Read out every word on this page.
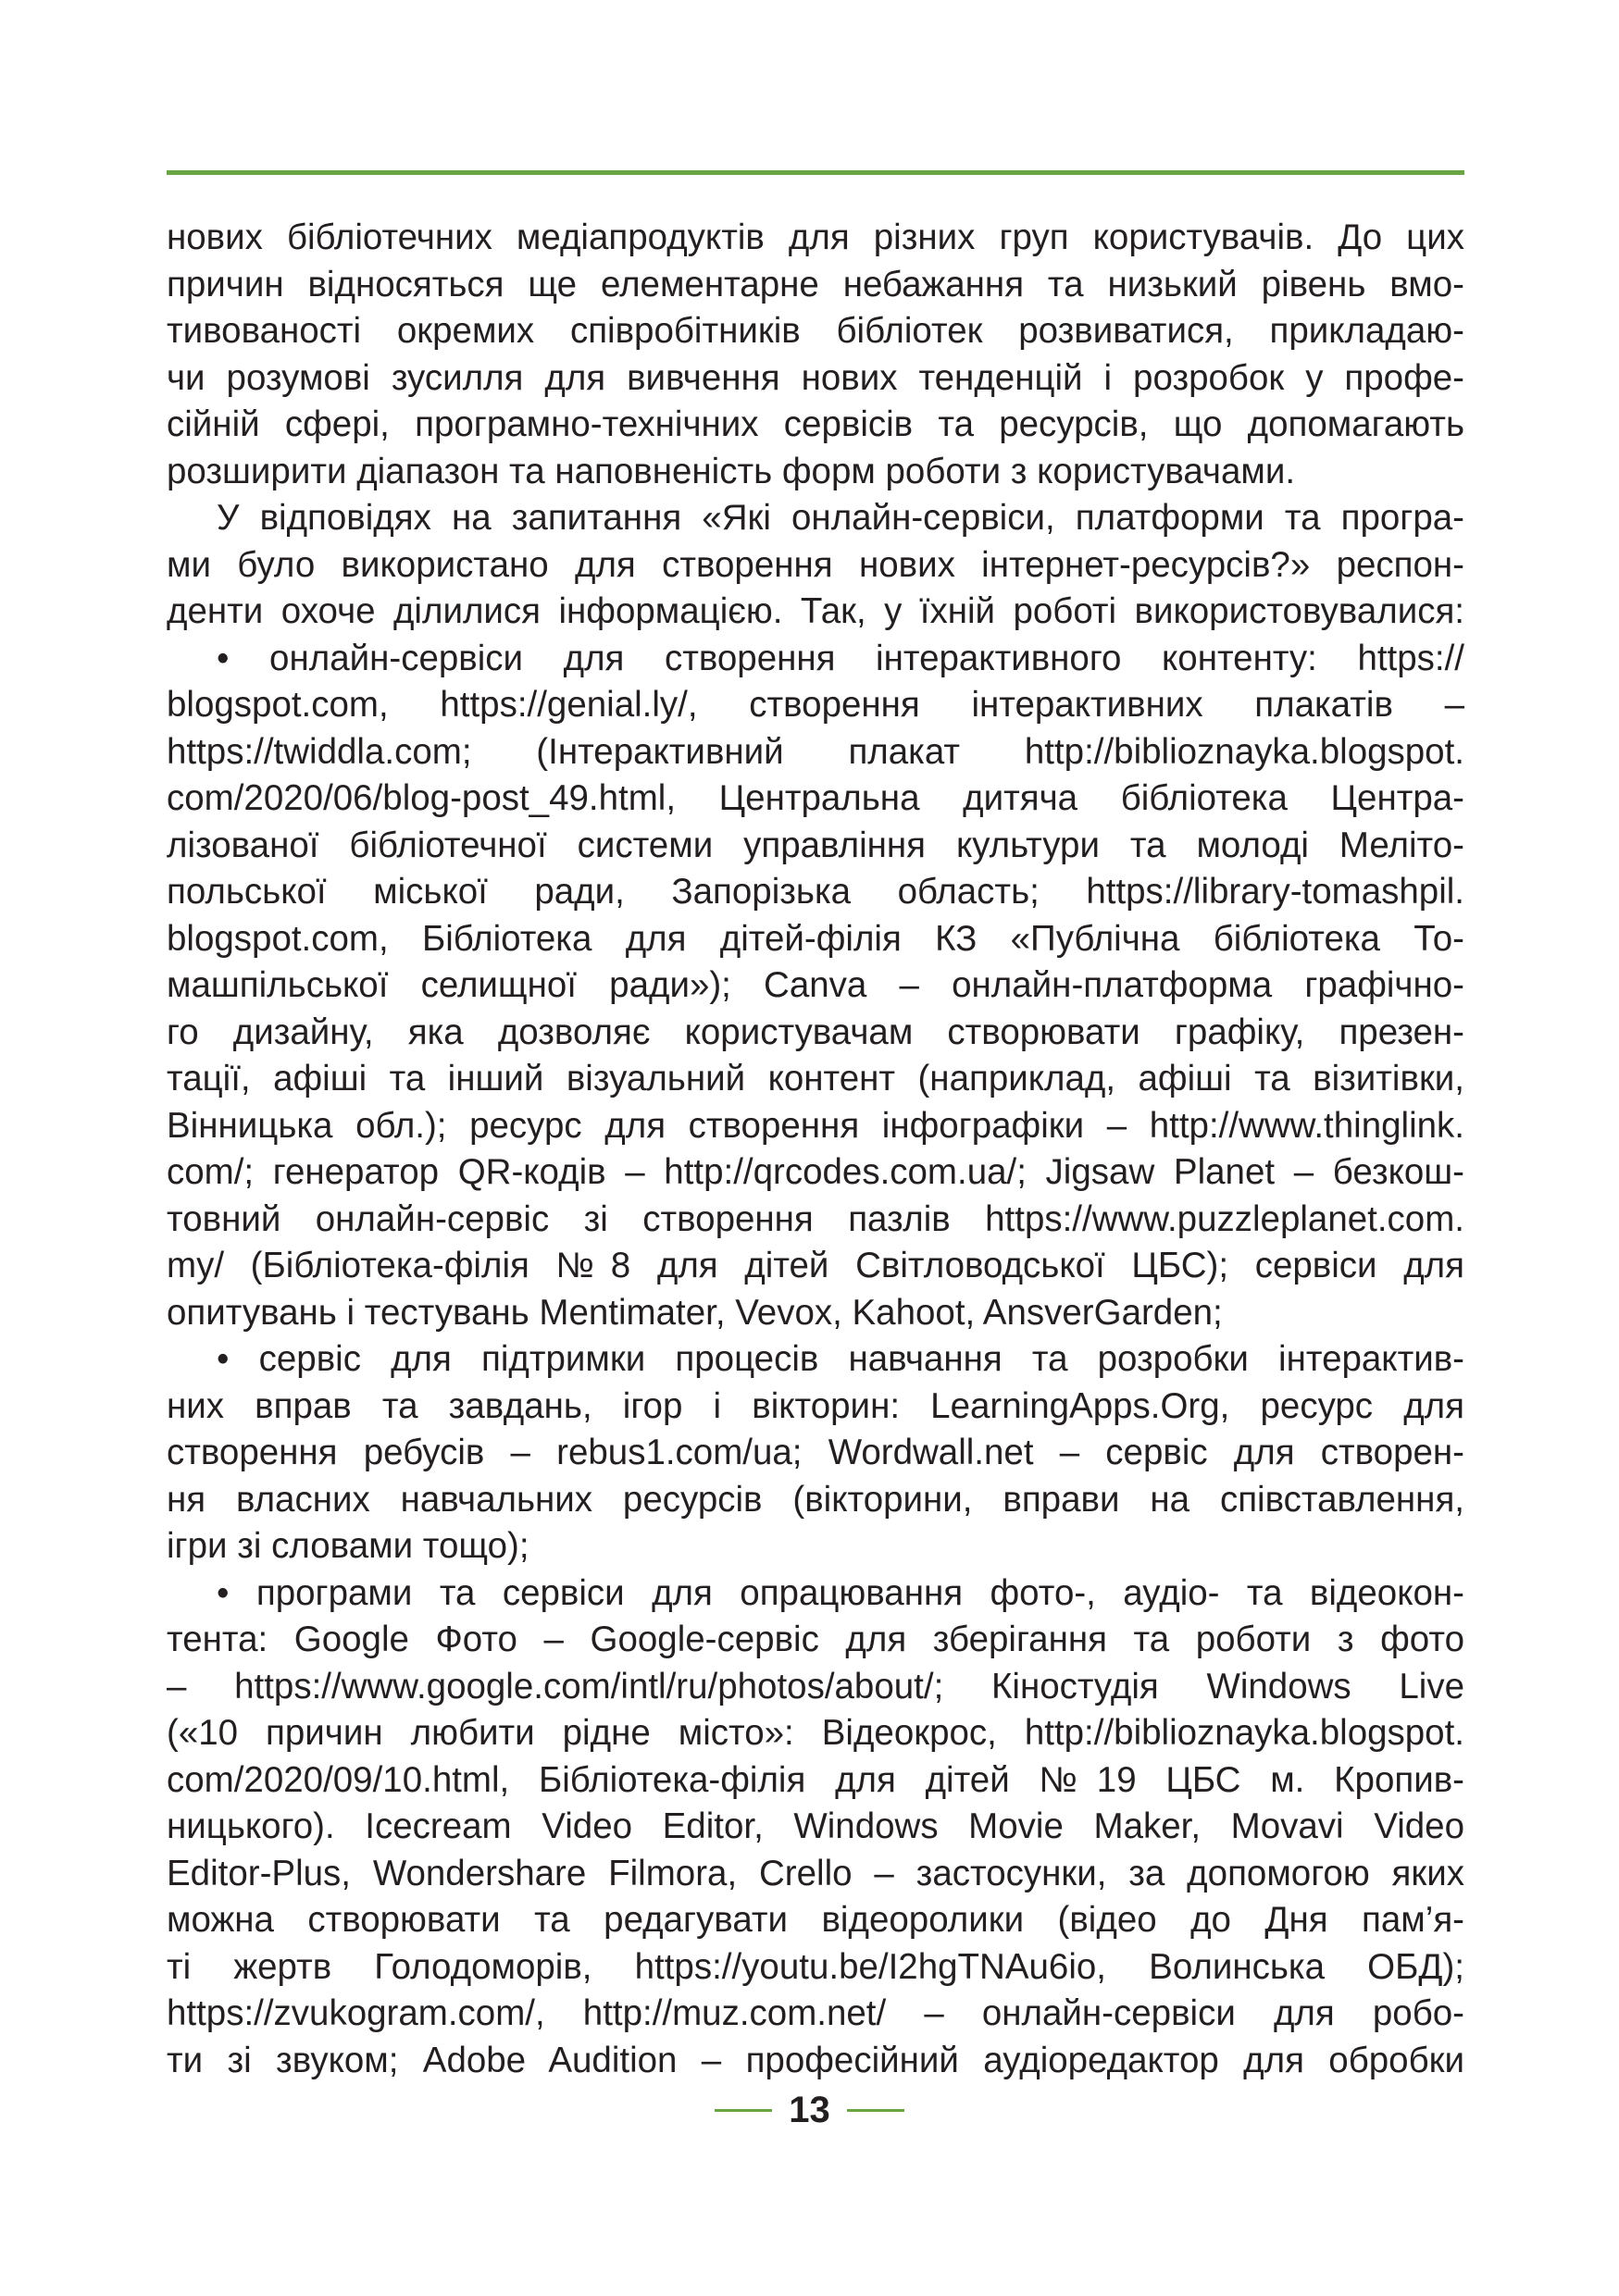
нових бібліотечних медіапродуктів для різних груп користувачів. До цих
причин відносяться ще елементарне небажання та низький рівень вмо-
тивованості окремих співробітників бібліотек розвиватися, прикладаю-
чи розумові зусилля для вивчення нових тенденцій і розробок у профе-
сійній сфері, програмно-технічних сервісів та ресурсів, що допомагають
розширити діапазон та наповненість форм роботи з користувачами.
У відповідях на запитання «Які онлайн-сервіси, платформи та програ-
ми було використано для створення нових інтернет-ресурсів?» респон-
денти охоче ділилися інформацією. Так, у їхній роботі використовувалися:
• онлайн-сервіси для створення інтерактивного контенту: https://
blogspot.com, https://genial.ly/, створення інтерактивних плакатів –
https://twiddla.com; (Інтерактивний плакат http://biblioznayka.blogspot.
com/2020/06/blog-post_49.html, Центральна дитяча бібліотека Центра-
лізованої бібліотечної системи управління культури та молоді Меліто-
польської міської ради, Запорізька область; https://library-tomashpil.
blogspot.com, Бібліотека для дітей-філія КЗ «Публічна бібліотека То-
машпільської селищної ради»); Canva – онлайн-платформа графічно-
го дизайну, яка дозволяє користувачам створювати графіку, презен-
тації, афіші та інший візуальний контент (наприклад, афіші та візитівки,
Вінницька обл.); ресурс для створення інфографіки – http://www.thinglink.
com/; генератор QR-кодів – http://qrcodes.com.ua/; Jigsaw Planet – безкош-
товний онлайн-сервіс зі створення пазлів https://www.puzzleplanet.com.
my/ (Бібліотека-філія №8 для дітей Світловодської ЦБС); сервіси для
опитувань і тестувань Mentimater, Vevox, Kahoot, AnsverGarden;
• сервіс для підтримки процесів навчання та розробки інтерактив-
них вправ та завдань, ігор і вікторин: LearningApps.Org, ресурс для
створення ребусів – rebus1.com/ua; Wordwall.net – сервіс для створен-
ня власних навчальних ресурсів (вікторини, вправи на співставлення,
ігри зі словами тощо);
• програми та сервіси для опрацювання фото-, аудіо- та відеокон-
тента: Google Фото – Google-сервіс для зберігання та роботи з фото
– https://www.google.com/intl/ru/photos/about/; Кіностудія Windows Live
(«10 причин любити рідне місто»: Відеокрос, http://biblioznayka.blogspot.
com/2020/09/10.html, Бібліотека-філія для дітей №19 ЦБС м. Кропив-
ницького). Icecream Video Editor, Windows Movie Maker, Movavi Video
Editor-Plus, Wondershare Filmora, Crello – застосунки, за допомогою яких
можна створювати та редагувати відеоролики (відео до Дня пам’я-
ті жертв Голодоморів, https://youtu.be/I2hgTNAu6io, Волинська ОБД);
https://zvukogram.com/, http://muz.com.net/ – онлайн-сервіси для робо-
ти зі звуком; Adobe Audition – професійний аудіоредактор для обробки
13
